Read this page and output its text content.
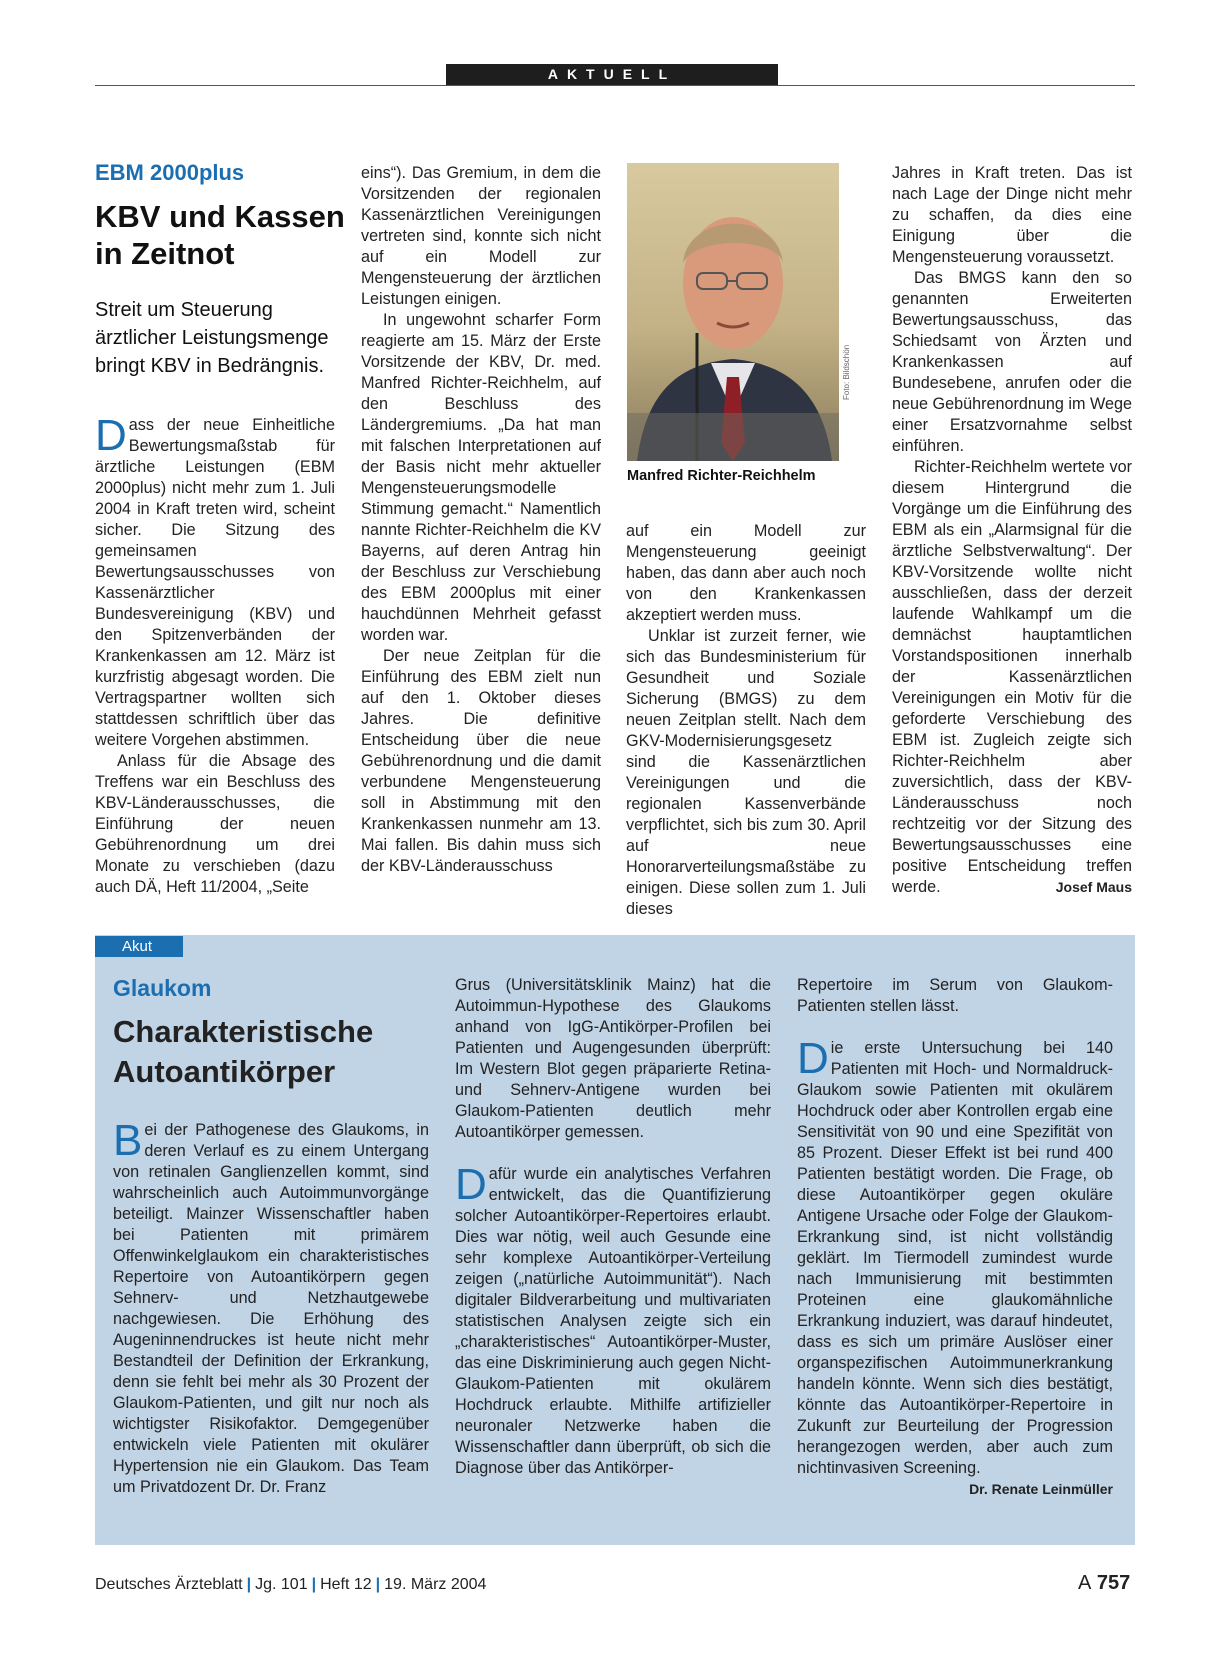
AKTUELL
EBM 2000plus
KBV und Kassen in Zeitnot
Streit um Steuerung ärztlicher Leistungsmenge bringt KBV in Bedrängnis.

Dass der neue Einheitliche Bewertungsmaßstab für ärztliche Leistungen (EBM 2000plus) nicht mehr zum 1. Juli 2004 in Kraft treten wird, scheint sicher. Die Sitzung des gemeinsamen Bewertungsausschusses von Kassenärztlicher Bundesvereinigung (KBV) und den Spitzenverbänden der Krankenkassen am 12. März ist kurzfristig abgesagt worden. Die Vertragspartner wollten sich stattdessen schriftlich über das weitere Vorgehen abstimmen.

Anlass für die Absage des Treffens war ein Beschluss des KBV-Länderausschusses, die Einführung der neuen Gebührenordnung um drei Monate zu verschieben (dazu auch DÄ, Heft 11/2004, „Seite

eins“). Das Gremium, in dem die Vorsitzenden der regionalen Kassenärztlichen Vereinigungen vertreten sind, konnte sich nicht auf ein Modell zur Mengensteuerung der ärztlichen Leistungen einigen.

In ungewohnt scharfer Form reagierte am 15. März der Erste Vorsitzende der KBV, Dr. med. Manfred Richter-Reichhelm, auf den Beschluss des Ländergremiums. „Da hat man mit falschen Interpretationen auf der Basis nicht mehr aktueller Mengensteuerungsmodelle Stimmung gemacht.“ Namentlich nannte Richter-Reichhelm die KV Bayerns, auf deren Antrag hin der Beschluss zur Verschiebung des EBM 2000plus mit einer hauchdünnen Mehrheit gefasst worden war.

Der neue Zeitplan für die Einführung des EBM zielt nun auf den 1. Oktober dieses Jahres. Die definitive Entscheidung über die neue Gebührenordnung und die damit verbundene Mengensteuerung soll in Abstimmung mit den Krankenkassen nunmehr am 13. Mai fallen. Bis dahin muss sich der KBV-Länderausschuss

Foto: Bildschön
Manfred Richter-Reichhelm

auf ein Modell zur Mengensteuerung geeinigt haben, das dann aber auch noch von den Krankenkassen akzeptiert werden muss.

Unklar ist zurzeit ferner, wie sich das Bundesministerium für Gesundheit und Soziale Sicherung (BMGS) zu dem neuen Zeitplan stellt. Nach dem GKV-Modernisierungsgesetz sind die Kassenärztlichen Vereinigungen und die regionalen Kassenverbände verpflichtet, sich bis zum 30. April auf neue Honorarverteilungsmaßstäbe zu einigen. Diese sollen zum 1. Juli dieses

Jahres in Kraft treten. Das ist nach Lage der Dinge nicht mehr zu schaffen, da dies eine Einigung über die Mengensteuerung voraussetzt.

Das BMGS kann den so genannten Erweiterten Bewertungsausschuss, das Schiedsamt von Ärzten und Krankenkassen auf Bundesebene, anrufen oder die neue Gebührenordnung im Wege einer Ersatzvornahme selbst einführen.

Richter-Reichhelm wertete vor diesem Hintergrund die Vorgänge um die Einführung des EBM als ein „Alarmsignal für die ärztliche Selbstverwaltung“. Der KBV-Vorsitzende wollte nicht ausschließen, dass der derzeit laufende Wahlkampf um die demnächst hauptamtlichen Vorstandspositionen innerhalb der Kassenärztlichen Vereinigungen ein Motiv für die geforderte Verschiebung des EBM ist. Zugleich zeigte sich Richter-Reichhelm aber zuversichtlich, dass der KBV-Länderausschuss noch rechtzeitig vor der Sitzung des Bewertungsausschusses eine positive Entscheidung treffen werde.	Josef Maus

Akut
Glaukom
Charakteristische Autoantikörper

Bei der Pathogenese des Glaukoms, in deren Verlauf es zu einem Untergang von retinalen Ganglienzellen kommt, sind wahrscheinlich auch Autoimmunvorgänge beteiligt. Mainzer Wissenschaftler haben bei Patienten mit primärem Offenwinkelglaukom ein charakteristisches Repertoire von Autoantikörpern gegen Sehnerv- und Netzhautgewebe nachgewiesen. Die Erhöhung des Augeninnendruckes ist heute nicht mehr Bestandteil der Definition der Erkrankung, denn sie fehlt bei mehr als 30 Prozent der Glaukom-Patienten, und gilt nur noch als wichtigster Risikofaktor. Demgegenüber entwickeln viele Patienten mit okulärer Hypertension nie ein Glaukom. Das Team um Privatdozent Dr. Dr. Franz

Grus (Universitätsklinik Mainz) hat die Autoimmun-Hypothese des Glaukoms anhand von IgG-Antikörper-Profilen bei Patienten und Augengesunden überprüft: Im Western Blot gegen präparierte Retina- und Sehnerv-Antigene wurden bei Glaukom-Patienten deutlich mehr Autoantikörper gemessen.

Dafür wurde ein analytisches Verfahren entwickelt, das die Quantifizierung solcher Autoantikörper-Repertoires erlaubt. Dies war nötig, weil auch Gesunde eine sehr komplexe Autoantikörper-Verteilung zeigen („natürliche Autoimmunität“). Nach digitaler Bildverarbeitung und multivariaten statistischen Analysen zeigte sich ein „charakteristisches“ Autoantikörper-Muster, das eine Diskriminierung auch gegen Nicht-Glaukom-Patienten mit okulärem Hochdruck erlaubte. Mithilfe artifizieller neuronaler Netzwerke haben die Wissenschaftler dann überprüft, ob sich die Diagnose über das Antikörper-

Repertoire im Serum von Glaukom-Patienten stellen lässt.

Die erste Untersuchung bei 140 Patienten mit Hoch- und Normaldruck-Glaukom sowie Patienten mit okulärem Hochdruck oder aber Kontrollen ergab eine Sensitivität von 90 und eine Spezifität von 85 Prozent. Dieser Effekt ist bei rund 400 Patienten bestätigt worden. Die Frage, ob diese Autoantikörper gegen okuläre Antigene Ursache oder Folge der Glaukom-Erkrankung sind, ist nicht vollständig geklärt. Im Tiermodell zumindest wurde nach Immunisierung mit bestimmten Proteinen eine glaukomähnliche Erkrankung induziert, was darauf hindeutet, dass es sich um primäre Auslöser einer organspezifischen Autoimmunerkrankung handeln könnte. Wenn sich dies bestätigt, könnte das Autoantikörper-Repertoire in Zukunft zur Beurteilung der Progression herangezogen werden, aber auch zum nichtinvasiven Screening.
Dr. Renate Leinmüller

Deutsches Ärzteblatt | Jg. 101 | Heft 12 | 19. März 2004	A 757
